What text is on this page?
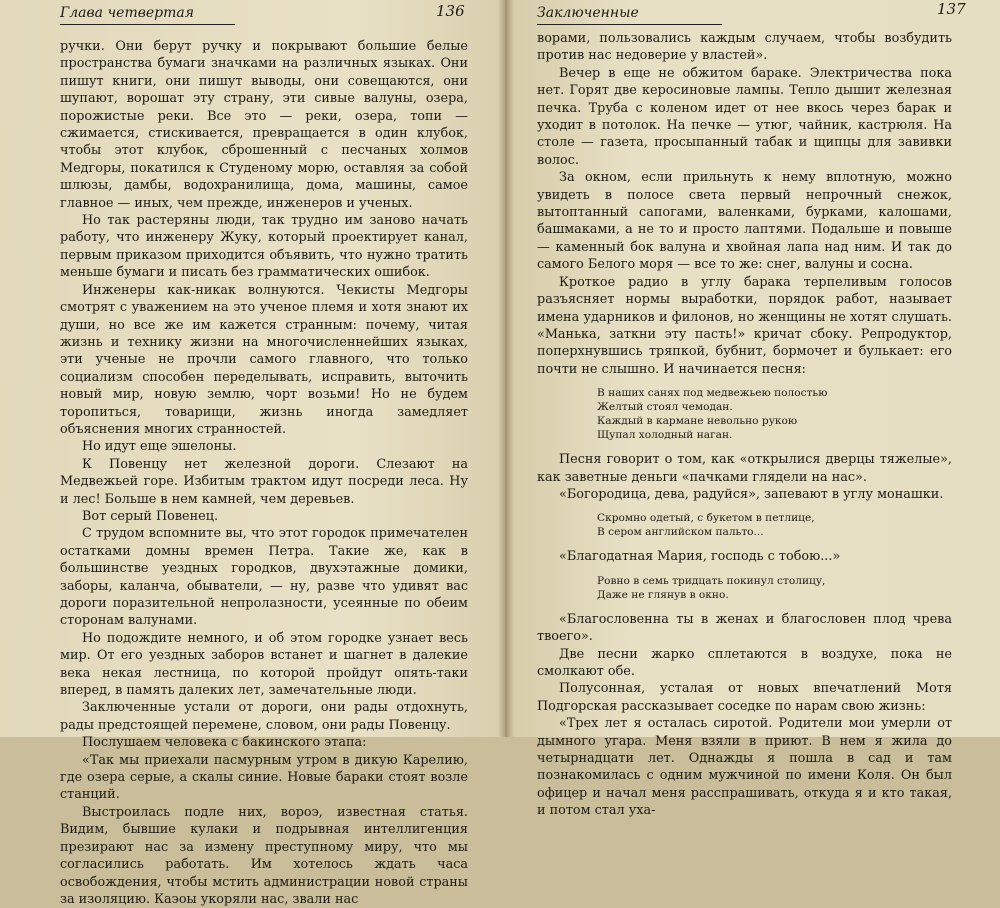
Глава четвертая	136

ручки. Они берут ручку и покрывают большие белые пространства бумаги значками на различных языках. Они пишут книги, они пишут выводы, они совещаются, они шупают, ворошат эту страну, эти сивые валуны, озера, порожистые реки. Все это — реки, озера, топи — сжимается, стискивается, превращается в один клубок, чтобы этот клубок, сброшенный с песчаных холмов Медгоры, покатился к Студеному морю, оставляя за собой шлюзы, дамбы, водохранилища, дома, машины, самое главное — иных, чем прежде, инженеров и ученых.

Но так растеряны люди, так трудно им заново начать работу, что инженеру Жуку, который проектирует канал, первым приказом приходится объявить, что нужно тратить меньше бумаги и писать без грамматических ошибок.

Инженеры как-никак волнуются. Чекисты Медгоры смотрят с уважением на это ученое племя и хотя знают их души, но все же им кажется странным: почему, читая жизнь и технику жизни на многочисленнейших языках, эти ученые не прочли самого главного, что только социализм способен переделывать, исправить, выточить новый мир, новую землю, чорт возьми! Но не будем торопиться, товарищи, жизнь иногда замедляет объяснения многих странностей.

Но идут еще эшелоны.

К Повенцу нет железной дороги. Слезают на Медвежьей горе. Избитым трактом идут посреди леса. Ну и лес! Больше в нем камней, чем деревьев.

Вот серый Повенец.

С трудом вспомните вы, что этот городок примечателен остатками домны времен Петра. Такие же, как в большинстве уездных городков, двухэтажные домики, заборы, каланча, обыватели, — ну, разве что удивят вас дороги поразительной непролазности, усеянные по обеим сторонам валунами.

Но подождите немного, и об этом городке узнает весь мир. От его уездных заборов встанет и шагнет в далекие века некая лестница, по которой пройдут опять-таки вперед, в память далеких лет, замечательные люди.

Заключенные устали от дороги, они рады отдохнуть, рады предстоящей перемене, словом, они рады Повенцу.

Послушаем человека с бакинского этапа:

«Так мы приехали пасмурным утром в дикую Карелию, где озера серые, а скалы синие. Новые бараки стоят возле станций.

Выстроилась подле них, вороэ, известная статья. Видим, бывшие кулаки и подрывная интеллигенция презирают нас за измену преступному миру, что мы согласились работать. Им хотелось ждать часа освобождения, чтобы мстить администрации новой страны за изоляцию. Каэоы укоряли нас, звали нас

Заключенные	137

ворами, пользовались каждым случаем, чтобы возбудить против нас недоверие у властей».

Вечер в еще не обжитом бараке. Электричества пока нет. Горят две керосиновые лампы. Тепло дышит железная печка. Труба с коленом идет от нее вкось через барак и уходит в потолок. На печке — утюг, чайник, кастрюля. На столе — газета, просыпанный табак и щипцы для завивки волос.

За окном, если прильнуть к нему вплотную, можно увидеть в полосе света первый непрочный снежок, вытоптанный сапогами, валенками, бурками, калошами, башмаками, а не то и просто лаптями. Подальше и повыше — каменный бок валуна и хвойная лапа над ним. И так до самого Белого моря — все то же: снег, валуны и сосна.

Кроткое радио в углу барака терпеливым голосов разъясняет нормы выработки, порядок работ, называет имена ударников и филонов, но женщины не хотят слушать. «Манька, заткни эту пасть!» кричат сбоку. Репродуктор, поперхнувшись тряпкой, бубнит, бормочет и булькает: его почти не слышно. И начинается песня:

В наших санях под медвежьею полостью
Желтый стоял чемодан.
Каждый в кармане невольно рукою
Щупал холодный наган.

Песня говорит о том, как «открылися дверцы тяжелые», как заветные деньги «пачками глядели на нас».

«Богородица, дева, радуйся», запевают в углу монашки.

Скромно одетый, с букетом в петлице,
В сером английском пальто...

«Благодатная Мария, господь с тобою...»

Ровно в семь тридцать покинул столицу,
Даже не глянув в окно.

«Благословенна ты в женах и благословен плод чрева твоего».

Две песни жарко сплетаются в воздухе, пока не смолкают обе.

Полусонная, усталая от новых впечатлений Мотя Подгорская рассказывает соседке по нарам свою жизнь:

«Трех лет я осталась сиротой. Родители мои умерли от дымного угара. Меня взяли в приют. В нем я жила до четырнадцати лет. Однажды я пошла в сад и там познакомилась с одним мужчиной по имени Коля. Он был офицер и начал меня расспрашивать, откуда я и кто такая, и потом стал уха-
